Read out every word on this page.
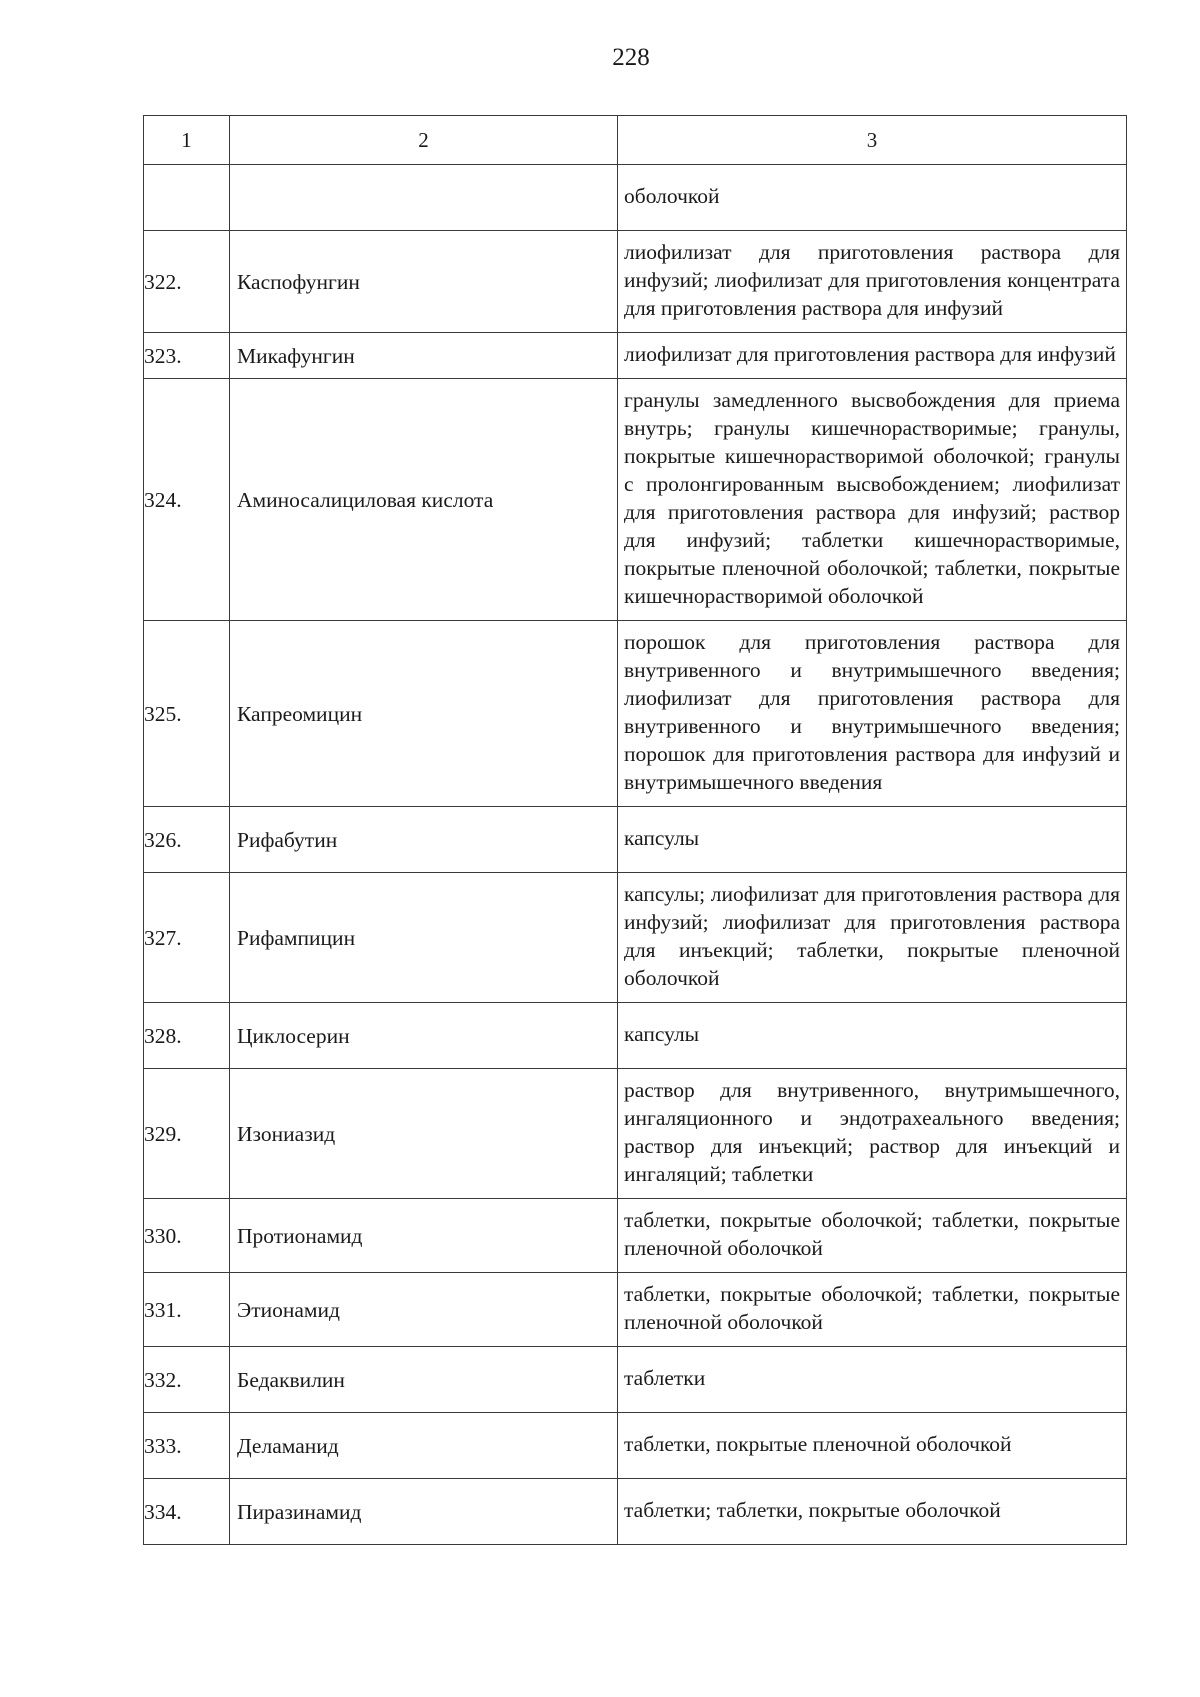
228
1	2	3
		оболочкой
322.	Каспофунгин	лиофилизат для приготовления раствора для инфузий; лиофилизат для приготовления концентрата для приготовления раствора для инфузий
323.	Микафунгин	лиофилизат для приготовления раствора для инфузий
324.	Аминосалициловая кислота	гранулы замедленного высвобождения для приема внутрь; гранулы кишечнорастворимые; гранулы, покрытые кишечнорастворимой оболочкой; гранулы с пролонгированным высвобождением; лиофилизат для приготовления раствора для инфузий; раствор для инфузий; таблетки кишечнорастворимые, покрытые пленочной оболочкой; таблетки, покрытые кишечнорастворимой оболочкой
325.	Капреомицин	порошок для приготовления раствора для внутривенного и внутримышечного введения; лиофилизат для приготовления раствора для внутривенного и внутримышечного введения; порошок для приготовления раствора для инфузий и внутримышечного введения
326.	Рифабутин	капсулы
327.	Рифампицин	капсулы; лиофилизат для приготовления раствора для инфузий; лиофилизат для приготовления раствора для инъекций; таблетки, покрытые пленочной оболочкой
328.	Циклосерин	капсулы
329.	Изониазид	раствор для внутривенного, внутримышечного, ингаляционного и эндотрахеального введения; раствор для инъекций; раствор для инъекций и ингаляций; таблетки
330.	Протионамид	таблетки, покрытые оболочкой; таблетки, покрытые пленочной оболочкой
331.	Этионамид	таблетки, покрытые оболочкой; таблетки, покрытые пленочной оболочкой
332.	Бедаквилин	таблетки
333.	Деламанид	таблетки, покрытые пленочной оболочкой
334.	Пиразинамид	таблетки; таблетки, покрытые оболочкой
